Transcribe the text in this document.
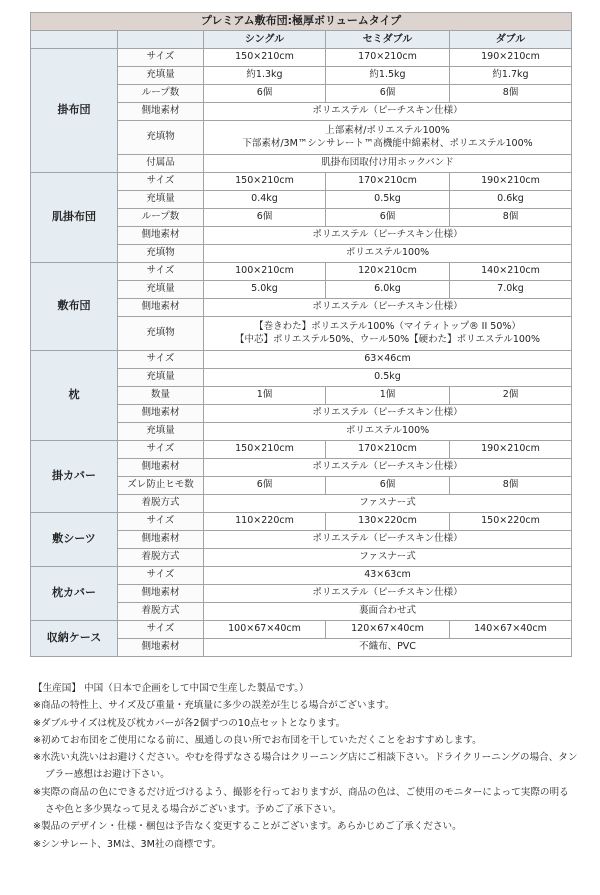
プレミアム敷布団:極厚ボリュームタイプ				
		シングル	セミダブル	ダブル
掛布団	サイズ	150×210cm	170×210cm	190×210cm
	充填量	約1.3kg	約1.5kg	約1.7kg
	ループ数	6個	6個	8個
	側地素材	ポリエステル（ピーチスキン仕様）		
	充填物	上部素材/ポリエステル100%
下部素材/3M™シンサレート™高機能中綿素材、ポリエステル100%		

	付属品	肌掛布団取付け用ホックバンド		
肌掛布団	サイズ	150×210cm	170×210cm	190×210cm
	充填量	0.4kg	0.5kg	0.6kg
	ループ数	6個	6個	8個
	側地素材	ポリエステル（ピーチスキン仕様）		
	充填物	ポリエステル100%		
敷布団	サイズ	100×210cm	120×210cm	140×210cm
	充填量	5.0kg	6.0kg	7.0kg
	側地素材	ポリエステル（ピーチスキン仕様）		
	充填物	【巻きわた】ポリエステル100%（マイティトップ® II 50%）
【中芯】ポリエステル50%、ウール50%【硬わた】ポリエステル100%		

枕	サイズ	63×46cm		
	充填量	0.5kg		
	数量	1個	1個	2個
	側地素材	ポリエステル（ピーチスキン仕様）		
	充填量	ポリエステル100%		
掛カバー	サイズ	150×210cm	170×210cm	190×210cm
	側地素材	ポリエステル（ピーチスキン仕様）		
	ズレ防止ヒモ数	6個	6個	8個
	着脱方式	ファスナー式		
敷シーツ	サイズ	110×220cm	130×220cm	150×220cm
	側地素材	ポリエステル（ピーチスキン仕様）		
	着脱方式	ファスナー式		
枕カバー	サイズ	43×63cm		
	側地素材	ポリエステル（ピーチスキン仕様）		
	着脱方式	裏面合わせ式		
収納ケース	サイズ	100×67×40cm	120×67×40cm	140×67×40cm
	側地素材	不織布、PVC		

【生産国】 中国（日本で企画をして中国で生産した製品です。）

※商品の特性上、サイズ及び重量・充填量に多少の誤差が生じる場合がございます。

※ダブルサイズは枕及び枕カバーが各2個ずつの10点セットとなります。

※初めてお布団をご使用になる前に、風通しの良い所でお布団を干していただくことをおすすめします。

※水洗い丸洗いはお避けください。やむを得ずなさる場合はクリーニング店にご相談下さい。ドライクリーニングの場合、タンブラー感想はお避け下さい。

※実際の商品の色にできるだけ近づけるよう、撮影を行っておりますが、商品の色は、ご使用のモニターによって実際の明るさや色と多少異なって見える場合がございます。予めご了承下さい。

※製品のデザイン・仕様・梱包は予告なく変更することがございます。あらかじめご了承ください。

※シンサレート、3Mは、3M社の商標です。
